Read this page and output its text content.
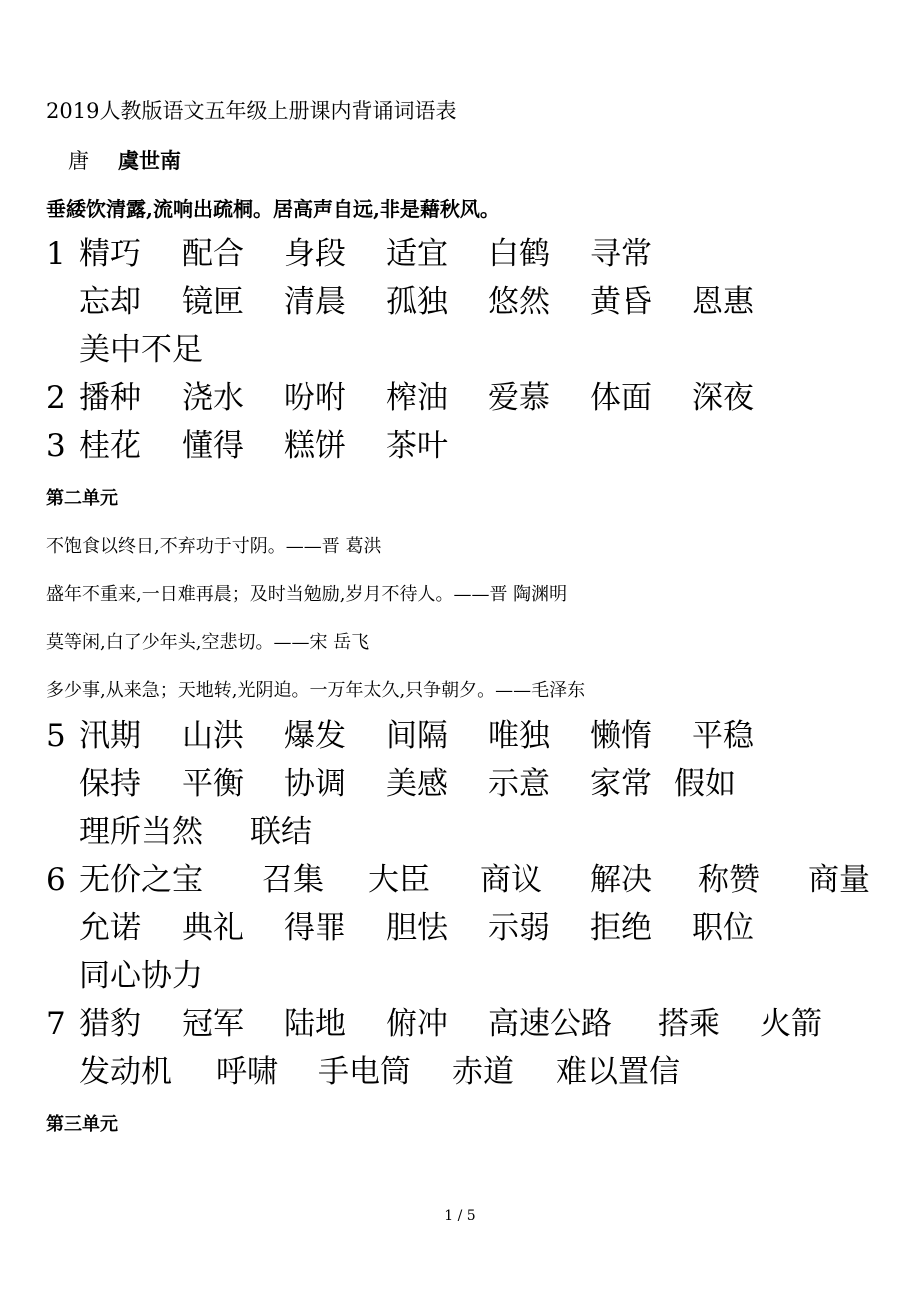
2019人教版语文五年级上册课内背诵词语表
唐 虞世南
垂緌饮清露,流响出疏桐。居高声自远,非是藉秋风。
1 精巧 配合 身段 适宜 白鹤 寻常
忘却 镜匣 清晨 孤独 悠然 黄昏 恩惠
美中不足
2 播种 浇水 吩咐 榨油 爱慕 体面 深夜
3 桂花 懂得 糕饼 茶叶
第二单元
不饱食以终日,不弃功于寸阴。——晋 葛洪
盛年不重来,一日难再晨；及时当勉励,岁月不待人。——晋 陶渊明
莫等闲,白了少年头,空悲切。——宋 岳飞
多少事,从来急；天地转,光阴迫。一万年太久,只争朝夕。——毛泽东
5 汛期 山洪 爆发 间隔 唯独 懒惰 平稳
保持 平衡 协调 美感 示意 家常 假如
理所当然 联结
6 无价之宝 召集 大臣 商议 解决 称赞 商量
允诺 典礼 得罪 胆怯 示弱 拒绝 职位
同心协力
7 猎豹 冠军 陆地 俯冲 高速公路 搭乘 火箭
发动机 呼啸 手电筒 赤道 难以置信
第三单元
1 / 5
